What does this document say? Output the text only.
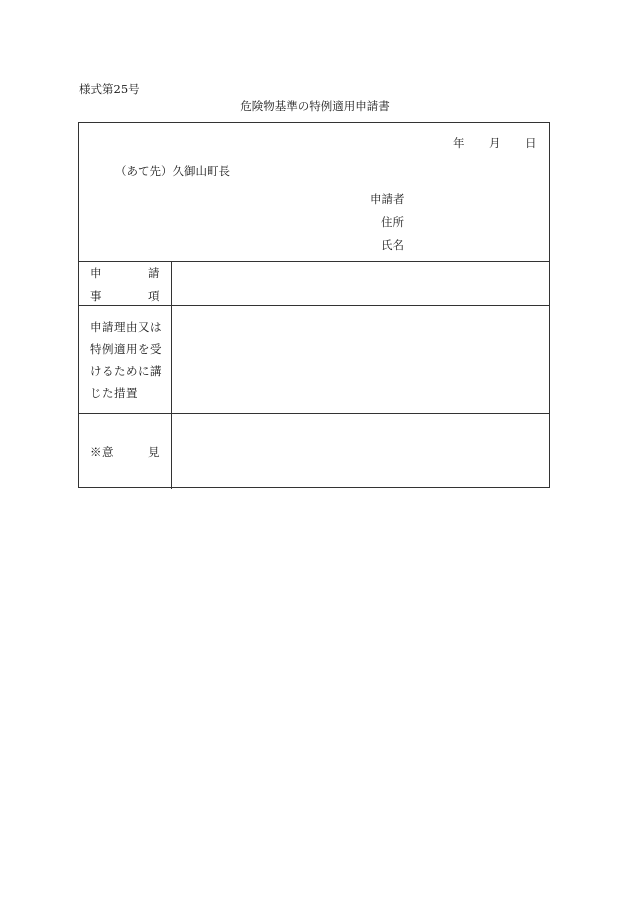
様式第25号
危険物基準の特例適用申請書
年 月 日
（あて先）久御山町長
申請者
住所
氏名
申	請
事	項
申請理由又は
特例適用を受
けるために講
じた措置
※意	見
